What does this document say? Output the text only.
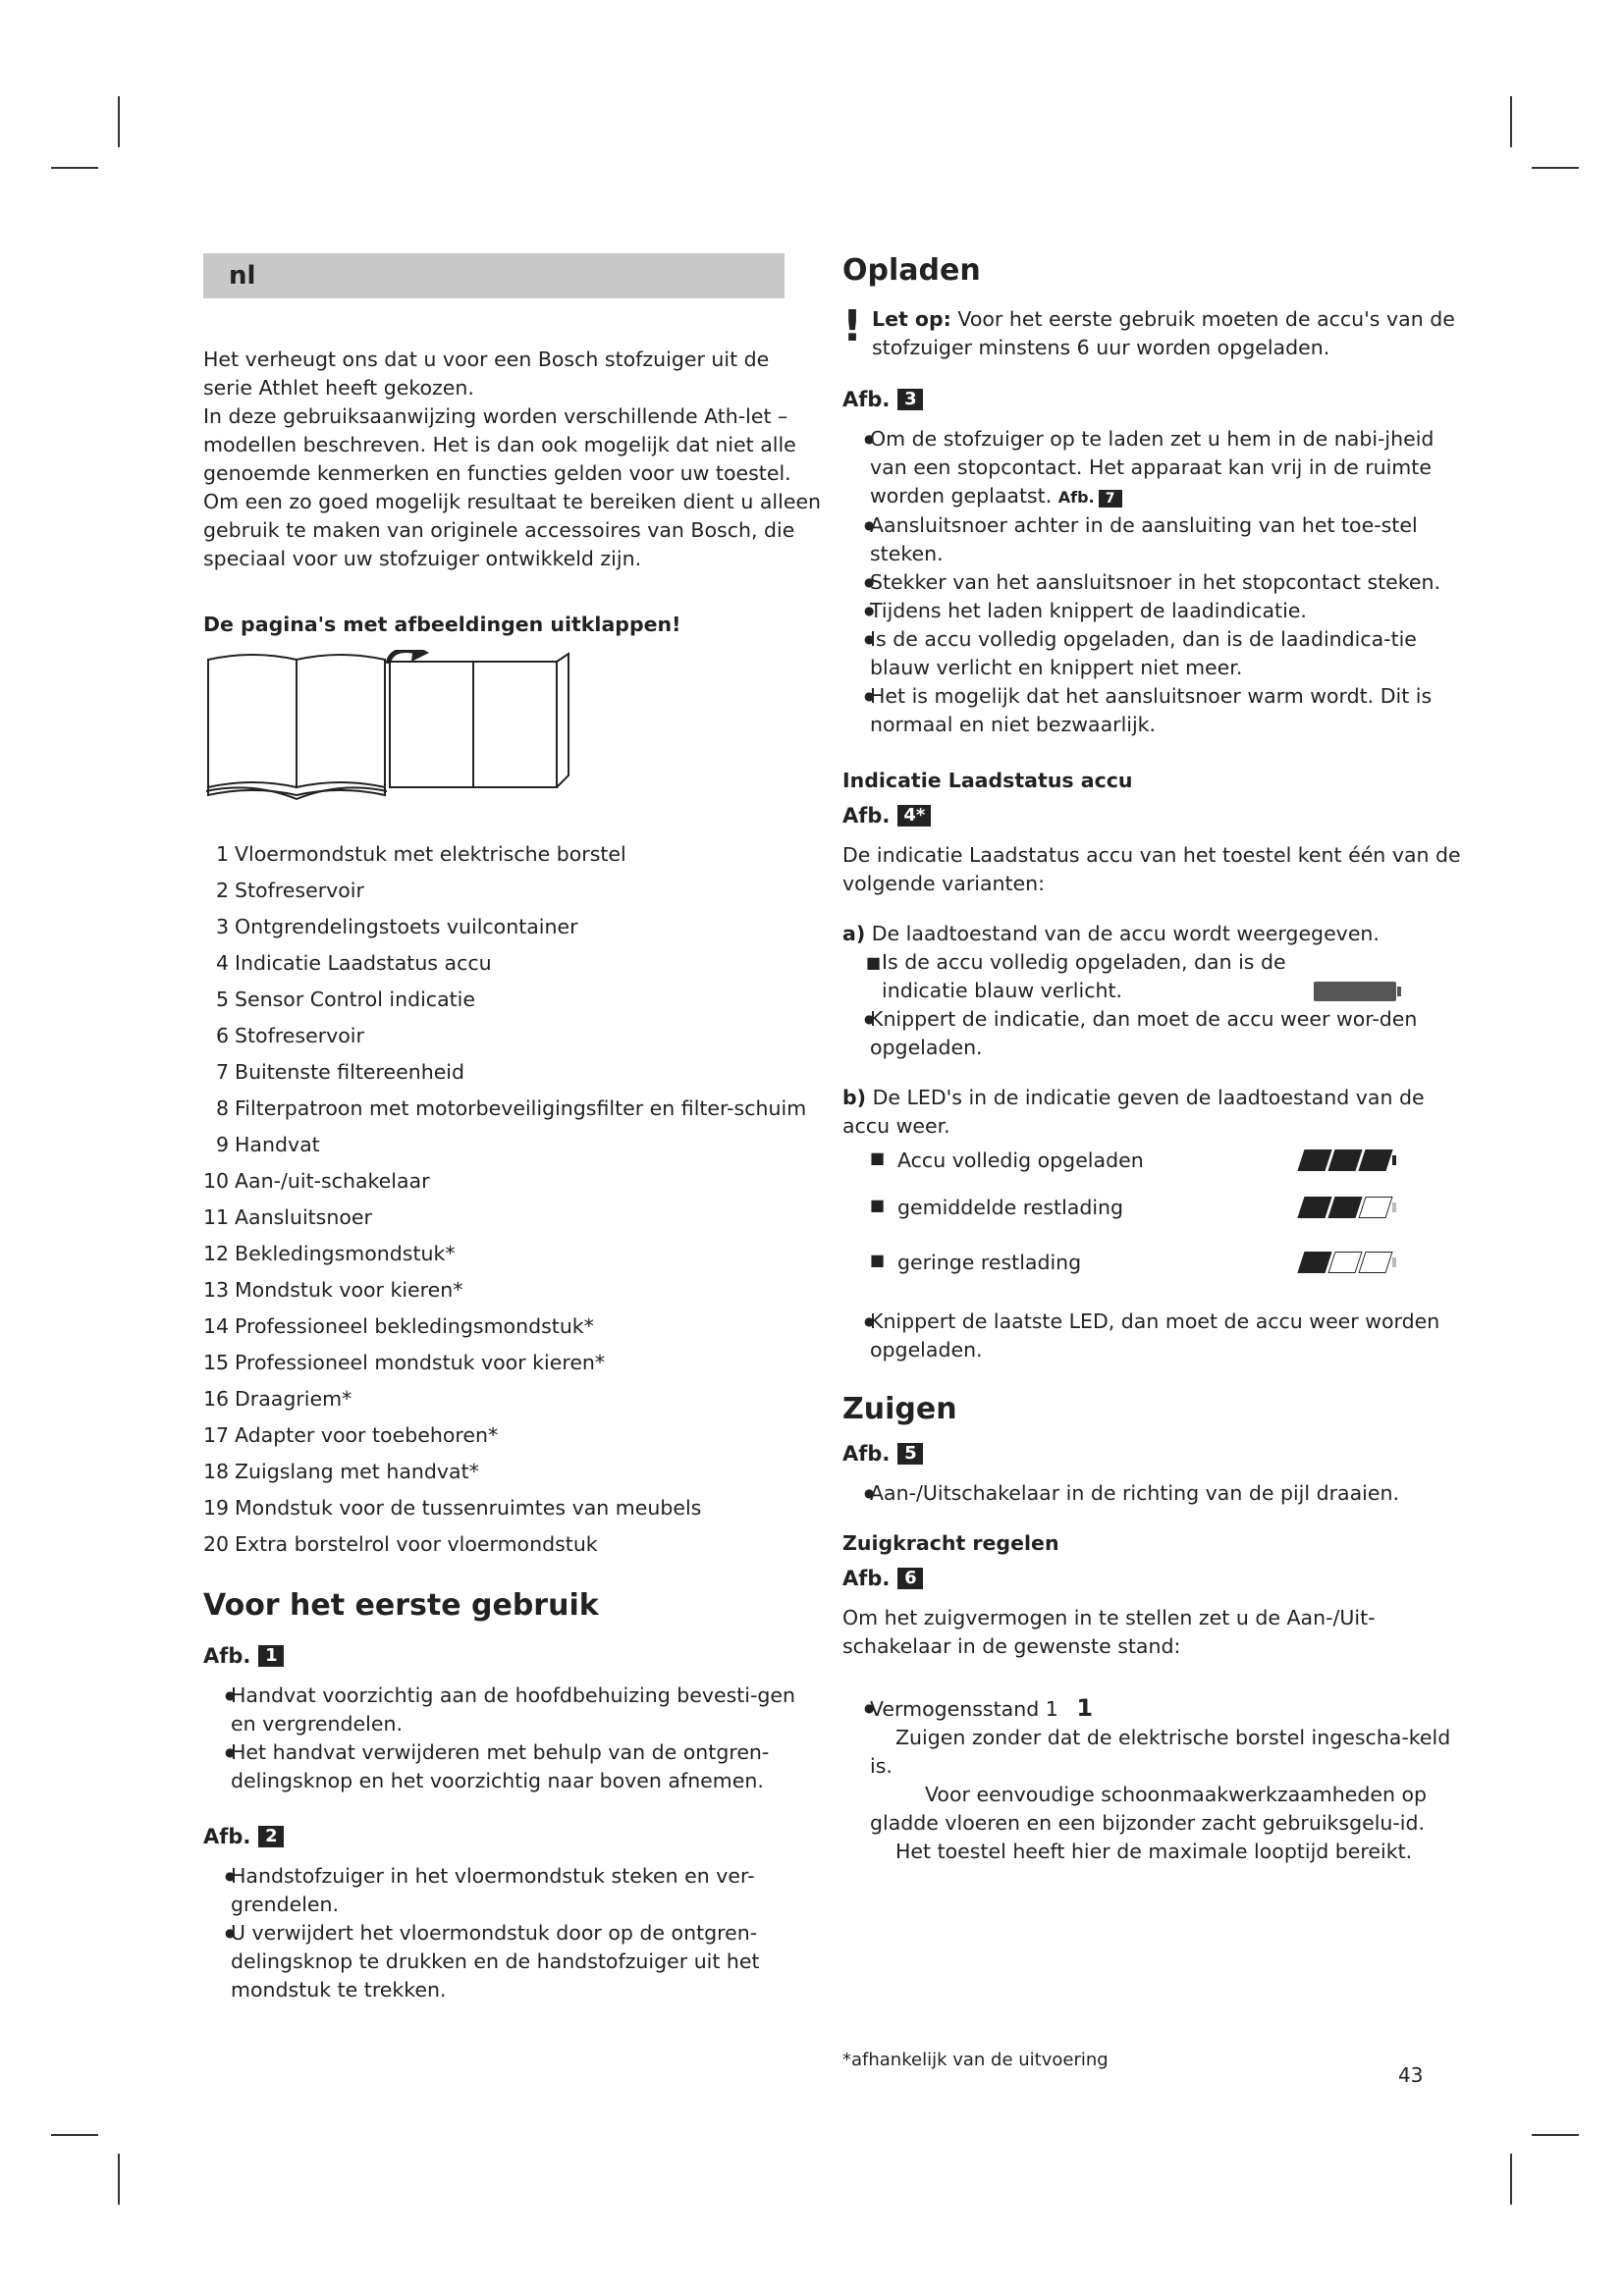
nl

Het verheugt ons dat u voor een Bosch stofzuiger uit de serie Athlet heeft gekozen.

In deze gebruiksaanwijzing worden verschillende Ath-let – modellen beschreven. Het is dan ook mogelijk dat niet alle genoemde kenmerken en functies gelden voor uw toestel. Om een zo goed mogelijk resultaat te bereiken dient u alleen gebruik te maken van originele accessoires van Bosch, die speciaal voor uw stofzuiger ontwikkeld zijn.

De pagina's met afbeeldingen uitklappen!

1 Vloermondstuk met elektrische borstel
2 Stofreservoir
3 Ontgrendelingstoets vuilcontainer
4 Indicatie Laadstatus accu
5 Sensor Control indicatie
6 Stofreservoir
7 Buitenste filtereenheid
8 Filterpatroon met motorbeveiligingsfilter en filter-schuim
9 Handvat
10 Aan-/uit-schakelaar
11 Aansluitsnoer
12 Bekledingsmondstuk*
13 Mondstuk voor kieren*
14 Professioneel bekledingsmondstuk*
15 Professioneel mondstuk voor kieren*
16 Draagriem*
17 Adapter voor toebehoren*
18 Zuigslang met handvat*
19 Mondstuk voor de tussenruimtes van meubels
20 Extra borstelrol voor vloermondstuk

Voor het eerste gebruik

Afb. 1
● Handvat voorzichtig aan de hoofdbehuizing bevesti-gen en vergrendelen.
● Het handvat verwijderen met behulp van de ontgren-delingsknop en het voorzichtig naar boven afnemen.
Afb. 2
● Handstofzuiger in het vloermondstuk steken en ver-grendelen.
● U verwijdert het vloermondstuk door op de ontgren-delingsknop te drukken en de handstofzuiger uit het mondstuk te trekken.

Opladen

! Let op: Voor het eerste gebruik moeten de accu's van de stofzuiger minstens 6 uur worden opgeladen.

Afb. 3
● Om de stofzuiger op te laden zet u hem in de nabi-jheid van een stopcontact. Het apparaat kan vrij in de ruimte worden geplaatst. Afb. 7
● Aansluitsnoer achter in de aansluiting van het toe-stel steken.
● Stekker van het aansluitsnoer in het stopcontact steken.
● Tijdens het laden knippert de laadindicatie.
● Is de accu volledig opgeladen, dan is de laadindica-tie blauw verlicht en knippert niet meer.
● Het is mogelijk dat het aansluitsnoer warm wordt. Dit is normaal en niet bezwaarlijk.

Indicatie Laadstatus accu

Afb. 4*

De indicatie Laadstatus accu van het toestel kent één van de volgende varianten:

a) De laadtoestand van de accu wordt weergegeven.

■ Is de accu volledig opgeladen, dan is de indicatie blauw verlicht.
● Knippert de indicatie, dan moet de accu weer wor-den opgeladen.

b) De LED's in de indicatie geven de laadtoestand van de accu weer.

■ Accu volledig opgeladen
■ gemiddelde restlading
■ geringe restlading
● Knippert de laatste LED, dan moet de accu weer worden opgeladen.

Zuigen

Afb. 5
● Aan-/Uitschakelaar in de richting van de pijl draaien.

Zuigkracht regelen

Afb. 6

Om het zuigvermogen in te stellen zet u de Aan-/Uit-schakelaar in de gewenste stand:

● Vermogensstand 1 1

Zuigen zonder dat de elektrische borstel ingescha-keld is.

Voor eenvoudige schoonmaakwerkzaamheden op gladde vloeren en een bijzonder zacht gebruiksgelu-id.

Het toestel heeft hier de maximale looptijd bereikt.

*afhankelijk van de uitvoering

43
